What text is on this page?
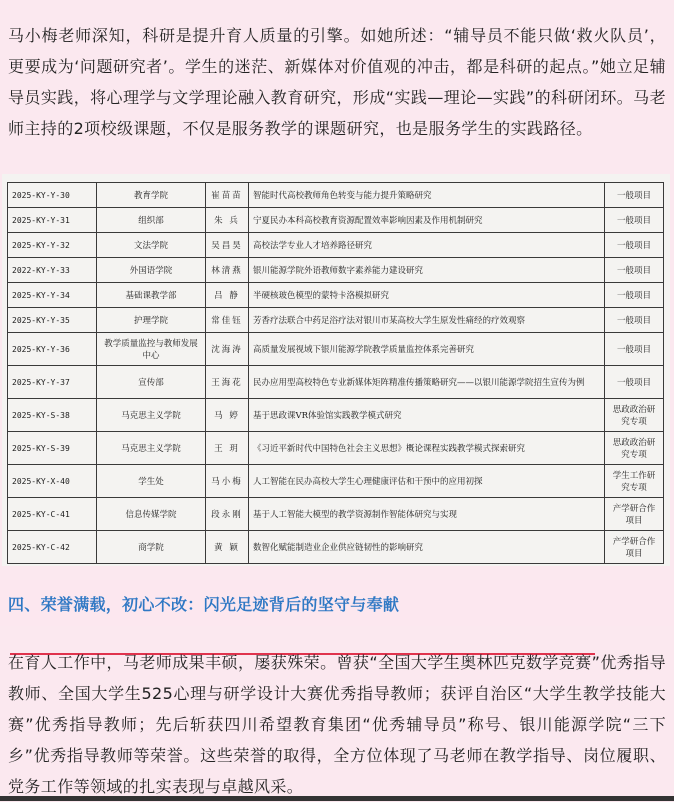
马小梅老师深知，科研是提升育人质量的引擎。如她所述：“辅导员不能只做‘救火队员’，更要成为‘问题研究者’。学生的迷茫、新媒体对价值观的冲击，都是科研的起点。”她立足辅导员实践，将心理学与文学理论融入教育研究，形成“实践—理论—实践”的科研闭环。马老师主持的2项校级课题，不仅是服务教学的课题研究，也是服务学生的实践路径。

2025-KY-Y-30	教育学院	崔苗苗	智能时代高校教师角色转变与能力提升策略研究	一般项目
2025-KY-Y-31	组织部	朱 兵	宁夏民办本科高校教育资源配置效率影响因素及作用机制研究	一般项目
2025-KY-Y-32	文法学院	吴昌昊	高校法学专业人才培养路径研究	一般项目
2022-KY-Y-33	外国语学院	林清燕	银川能源学院外语教师数字素养能力建设研究	一般项目
2025-KY-Y-34	基础课教学部	吕 静	半硬核玻色模型的蒙特卡洛模拟研究	一般项目
2025-KY-Y-35	护理学院	常佳钰	芳香疗法联合中药足浴疗法对银川市某高校大学生原发性痛经的疗效观察	一般项目
2025-KY-Y-36	教学质量监控与教师发展中心	沈海涛	高质量发展视域下银川能源学院教学质量监控体系完善研究	一般项目
2025-KY-Y-37	宣传部	王海花	民办应用型高校特色专业新媒体矩阵精准传播策略研究——以银川能源学院招生宣传为例	一般项目
2025-KY-S-38	马克思主义学院	马 婷	基于思政课VR体验馆实践教学模式研究	思政政治研究专项
2025-KY-S-39	马克思主义学院	王 玥	《习近平新时代中国特色社会主义思想》概论课程实践教学模式探索研究	思政政治研究专项
2025-KY-X-40	学生处	马小梅	人工智能在民办高校大学生心理健康评估和干预中的应用初探	学生工作研究专项
2025-KY-C-41	信息传媒学院	段永刚	基于人工智能大模型的教学资源制作智能体研究与实现	产学研合作项目
2025-KY-C-42	商学院	黄 颖	数智化赋能制造业企业供应链韧性的影响研究	产学研合作项目
四、荣誉满载，初心不改：闪光足迹背后的坚守与奉献

在育人工作中，马老师成果丰硕，屡获殊荣。曾获“全国大学生奥林匹克数学竞赛”优秀指导教师、全国大学生525心理与研学设计大赛优秀指导教师；获评自治区“大学生教学技能大赛”优秀指导教师；先后斩获四川希望教育集团“优秀辅导员”称号、银川能源学院“三下乡”优秀指导教师等荣誉。这些荣誉的取得，全方位体现了马老师在教学指导、岗位履职、党务工作等领域的扎实表现与卓越风采。
